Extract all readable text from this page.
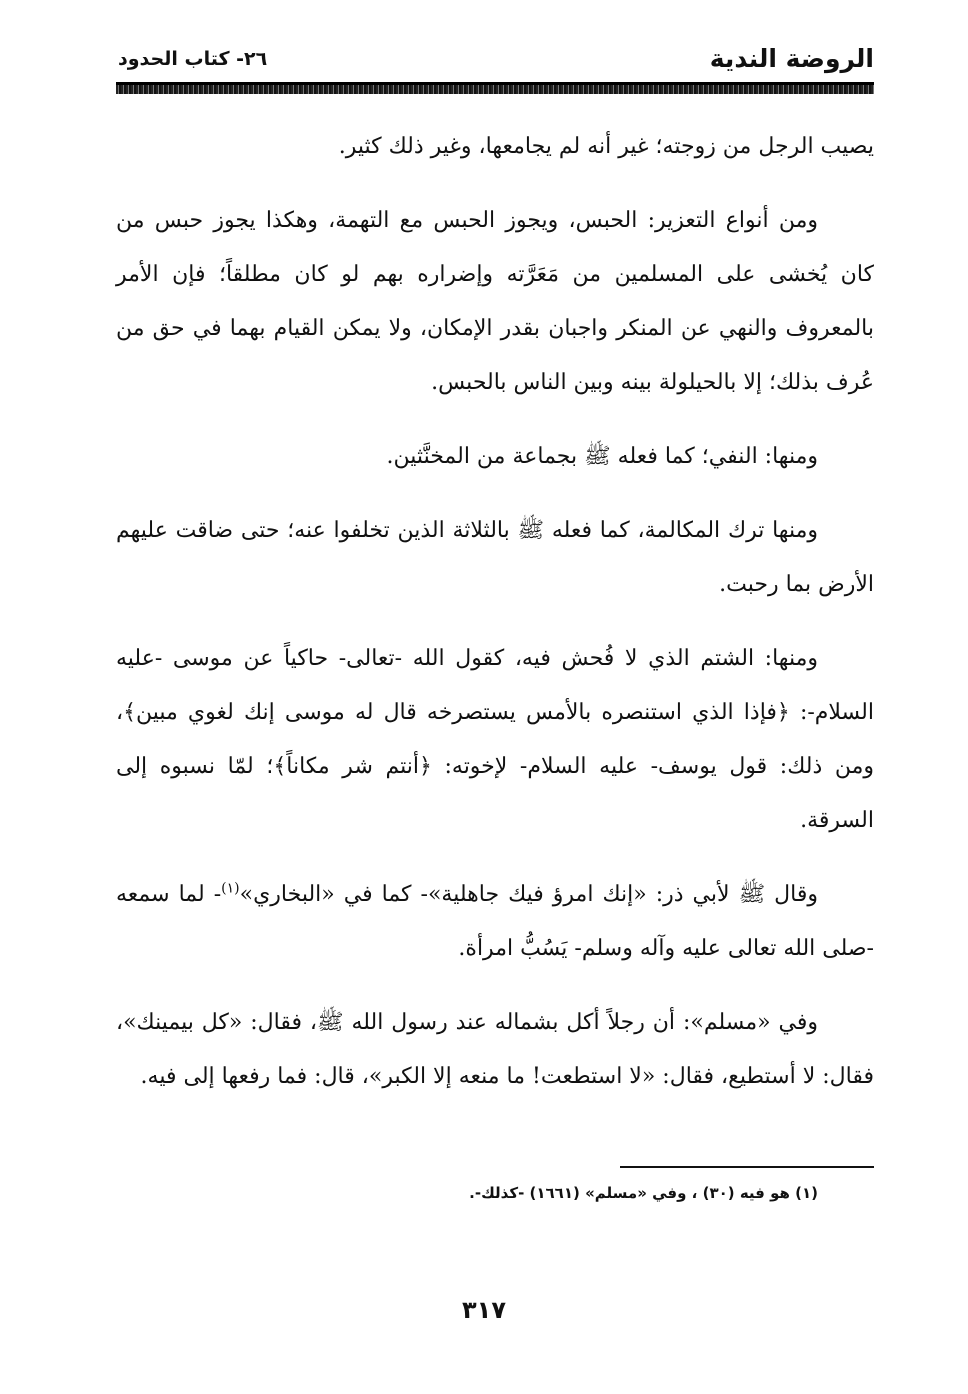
الروضة الندية
٢٦- كتاب الحدود

يصيب الرجل من زوجته؛ غير أنه لم يجامعها، وغير ذلك كثير.

ومن أنواع التعزير: الحبس، ويجوز الحبس مع التهمة، وهكذا يجوز حبس من كان يُخشى على المسلمين من مَعَرَّته وإضراره بهم لو كان مطلقاً؛ فإن الأمر بالمعروف والنهي عن المنكر واجبان بقدر الإمكان، ولا يمكن القيام بهما في حق من عُرف بذلك؛ إلا بالحيلولة بينه وبين الناس بالحبس.

ومنها: النفي؛ كما فعله ﷺ بجماعة من المخنَّثين.

ومنها ترك المكالمة، كما فعله ﷺ بالثلاثة الذين تخلفوا عنه؛ حتى ضاقت عليهم الأرض بما رحبت.

ومنها: الشتم الذي لا فُحش فيه، كقول الله -تعالى- حاكياً عن موسى -عليه السلام-: ﴿فإذا الذي استنصره بالأمس يستصرخه قال له موسى إنك لغوي مبين﴾، ومن ذلك: قول يوسف- عليه السلام- لإخوته: ﴿أنتم شر مكاناً﴾؛ لمّا نسبوه إلى السرقة.

وقال ﷺ لأبي ذر: «إنك امرؤ فيك جاهلية»- كما في «البخاري»$^{(١)}$- لما سمعه -صلى الله تعالى عليه وآله وسلم- يَسُبُّ امرأة.

وفي «مسلم»: أن رجلاً أكل بشماله عند رسول الله ﷺ، فقال: «كل بيمينك»، فقال: لا أستطيع، فقال: «لا استطعت! ما منعه إلا الكبر»، قال: فما رفعها إلى فيه.

(١) هو فيه (٣٠) ، وفي «مسلم» (١٦٦١) -كذلك-.
٣١٧
